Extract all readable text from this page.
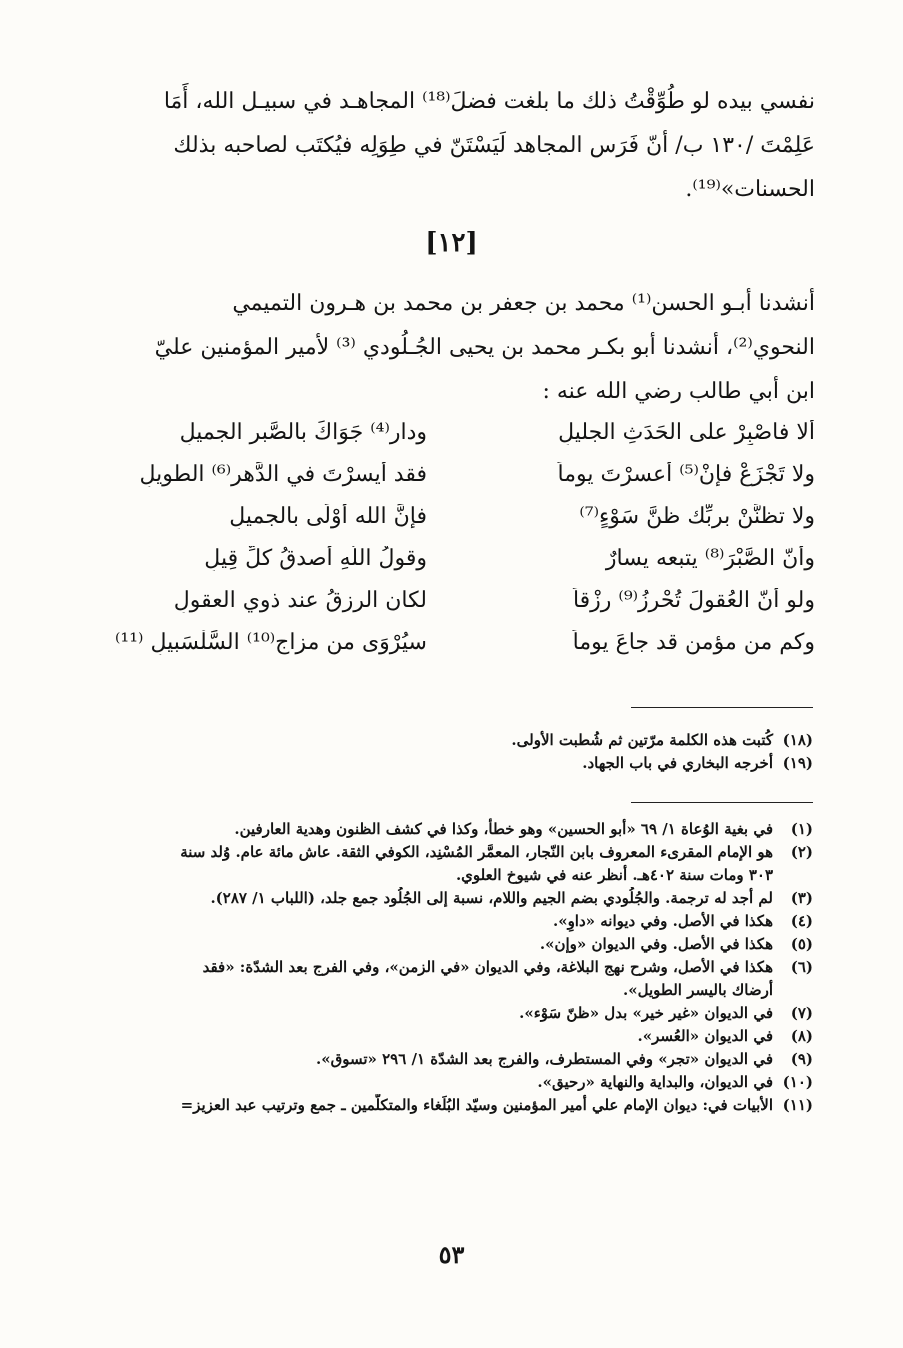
نفسي بيده لو طُوِّقْتُ ذلك ما بلغت فضلَ⁽¹⁸⁾ المجاهـد في سبيـل الله، أَمَا
عَلِمْتَ /١٣٠ ب/ أنّ فَرَس المجاهد لَيَسْتَنّ في طِوَلِه فيُكتَب لصاحبه بذلك
الحسنات»⁽¹⁹⁾.
[١٢]
أنشدنا أبـو الحسن⁽¹⁾ محمد بن جعفر بن محمد بن هـرون التميمي
النحوي⁽²⁾، أنشدنا أبو بكـر محمد بن يحيى الجُـلُودي ⁽³⁾ لأمير المؤمنين عليّ
ابن أبي طالب رضي الله عنه :
ألا فاصْبِرْ على الحَدَثِ الجليلِ
ودارِ⁽⁴⁾ جَوَاكَ بالصَّبرِ الجميلِ
ولا تَجْزَعْ فإنْ⁽⁵⁾ أعسرْتَ يوماً
فقد أيسرْتَ في الدَّهرِ⁽⁶⁾ الطويلِ
ولا تظنَّنْ بربِّك ظنَّ سَوْءٍ⁽⁷⁾
فإنَّ الله أَوْلَى بالجميلِ
وأنّ الصَّبْرَ⁽⁸⁾ يتبعه يسارٌ
وقولُ اللّهِ أصدقُ كلِّ قِيلِ
ولو أنّ العُقولَ تُحْرِزُ⁽⁹⁾ رزْقاً
لكان الرزقُ عند ذوي العقولِ
وكم من مؤمنٍ قد جاعَ يوماً
سيُرْوَى من مزاجِ⁽¹⁰⁾ السَّلْسَبيلِ ⁽¹¹⁾
(١٨)
كُتبت هذه الكلمة مرّتين ثم شُطبت الأولى.
(١٩)
أخرجه البخاري في باب الجهاد.
(١)
في بغية الوُعاة ١/ ٦٩ «أبو الحسين» وهو خطأ، وكذا في كشف الظنون وهدية العارفين.
(٢)
هو الإمام المقرىء المعروف بابن النّجار، المعمَّر المُسْنِد، الكوفي الثقة. عاش مائة عام. وُلد سنة
٣٠٣ ومات سنة ٤٠٢هـ. أنظر عنه في شيوخ العلوي.
(٣)
لم أجد له ترجمة. والجُلُودي بضم الجيم واللام، نسبة إلى الجُلُود جمع جلد، (اللباب ١/ ٢٨٧).
(٤)
هكذا في الأصل. وفي ديوانه «داوِ».
(٥)
هكذا في الأصل. وفي الديوان «وإن».
(٦)
هكذا في الأصل، وشرح نهج البلاغة، وفي الديوان «في الزمن»، وفي الفرج بعد الشدّة: «فقد
أرضاك باليسر الطويل».
(٧)
في الديوان «غير خير» بدل «ظنّ سَوْء».
(٨)
في الديوان «العُسر».
(٩)
في الديوان «تجر» وفي المستطرف، والفرج بعد الشدّة ١/ ٢٩٦ «تسوق».
(١٠)
في الديوان، والبداية والنهاية «رحيق».
(١١)
الأبيات في: ديوان الإمام علي أمير المؤمنين وسيّد البُلَغاء والمتكلّمين ـ جمع وترتيب عبد العزيز=
٥٣
